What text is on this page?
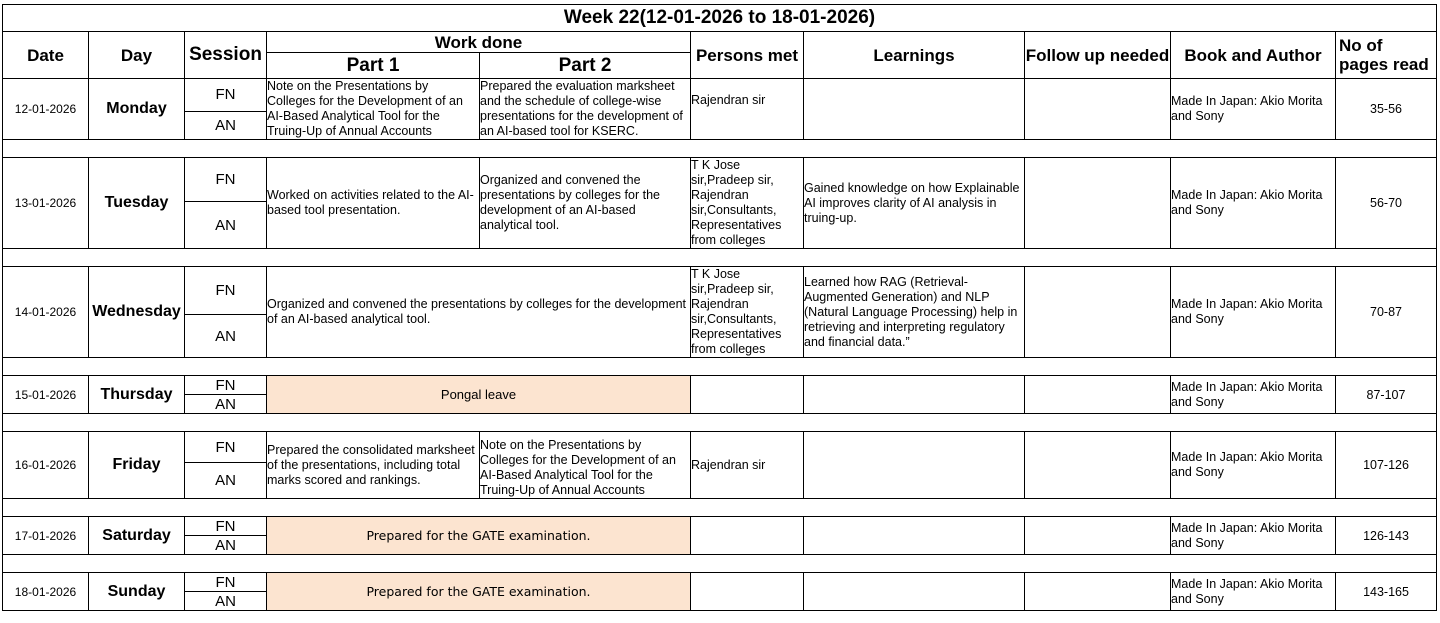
Week 22(12-01-2026 to 18-01-2026)									
Date	Day	Session	Work done		Persons met	Learnings	Follow up needed	Book and Author	No of pages read
			Part 1	Part 2					
12-01-2026	Monday	FN	Note on the Presentations by Colleges for the Development of an AI-Based Analytical Tool for the Truing-Up of Annual Accounts	Prepared the evaluation marksheet and the schedule of college-wise presentations for the development of an AI-based tool for KSERC.	Rajendran sir			Made In Japan: Akio Morita and Sony	35-56
		AN							

13-01-2026	Tuesday	FN	Worked on activities related to the AI-based tool presentation.	Organized and convened the presentations by colleges for the development of an AI-based analytical tool.	T K Jose sir,Pradeep sir, Rajendran sir,Consultants, Representatives from colleges	Gained knowledge on how Explainable AI improves clarity of AI analysis in truing-up.		Made In Japan: Akio Morita and Sony	56-70
		AN							

14-01-2026	Wednesday	FN	Organized and convened the presentations by colleges for the development of an AI-based analytical tool.		T K Jose sir,Pradeep sir, Rajendran sir,Consultants, Representatives from colleges	Learned how RAG (Retrieval-Augmented Generation) and NLP (Natural Language Processing) help in retrieving and interpreting regulatory and financial data.”		Made In Japan: Akio Morita and Sony	70-87
		AN							

15-01-2026	Thursday	FN	Pongal leave					Made In Japan: Akio Morita and Sony	87-107
		AN							

16-01-2026	Friday	FN	Prepared the consolidated marksheet of the presentations, including total marks scored and rankings.	Note on the Presentations by Colleges for the Development of an AI-Based Analytical Tool for the Truing-Up of Annual Accounts	Rajendran sir			Made In Japan: Akio Morita and Sony	107-126
		AN							

17-01-2026	Saturday	FN	Prepared for the GATE examination.					Made In Japan: Akio Morita and Sony	126-143
		AN							

18-01-2026	Sunday	FN	Prepared for the GATE examination.					Made In Japan: Akio Morita and Sony	143-165
		AN							
